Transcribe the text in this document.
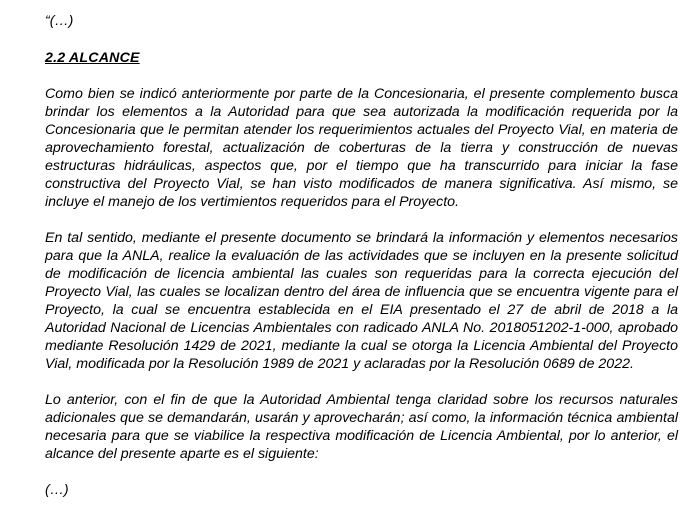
“(…)

2.2 ALCANCE

Como bien se indicó anteriormente por parte de la Concesionaria, el presente complemento busca brindar los elementos a la Autoridad para que sea autorizada la modificación requerida por la Concesionaria que le permitan atender los requerimientos actuales del Proyecto Vial, en materia de aprovechamiento forestal, actualización de coberturas de la tierra y construcción de nuevas estructuras hidráulicas, aspectos que, por el tiempo que ha transcurrido para iniciar la fase constructiva del Proyecto Vial, se han visto modificados de manera significativa. Así mismo, se incluye el manejo de los vertimientos requeridos para el Proyecto.

En tal sentido, mediante el presente documento se brindará la información y elementos necesarios para que la ANLA, realice la evaluación de las actividades que se incluyen en la presente solicitud de modificación de licencia ambiental las cuales son requeridas para la correcta ejecución del Proyecto Vial, las cuales se localizan dentro del área de influencia que se encuentra vigente para el Proyecto, la cual se encuentra establecida en el EIA presentado el 27 de abril de 2018 a la Autoridad Nacional de Licencias Ambientales con radicado ANLA No. 2018051202-1-000, aprobado mediante Resolución 1429 de 2021, mediante la cual se otorga la Licencia Ambiental del Proyecto Vial, modificada por la Resolución 1989 de 2021 y aclaradas por la Resolución 0689 de 2022.

Lo anterior, con el fin de que la Autoridad Ambiental tenga claridad sobre los recursos naturales adicionales que se demandarán, usarán y aprovecharán; así como, la información técnica ambiental necesaria para que se viabilice la respectiva modificación de Licencia Ambiental, por lo anterior, el alcance del presente aparte es el siguiente:

(…)
